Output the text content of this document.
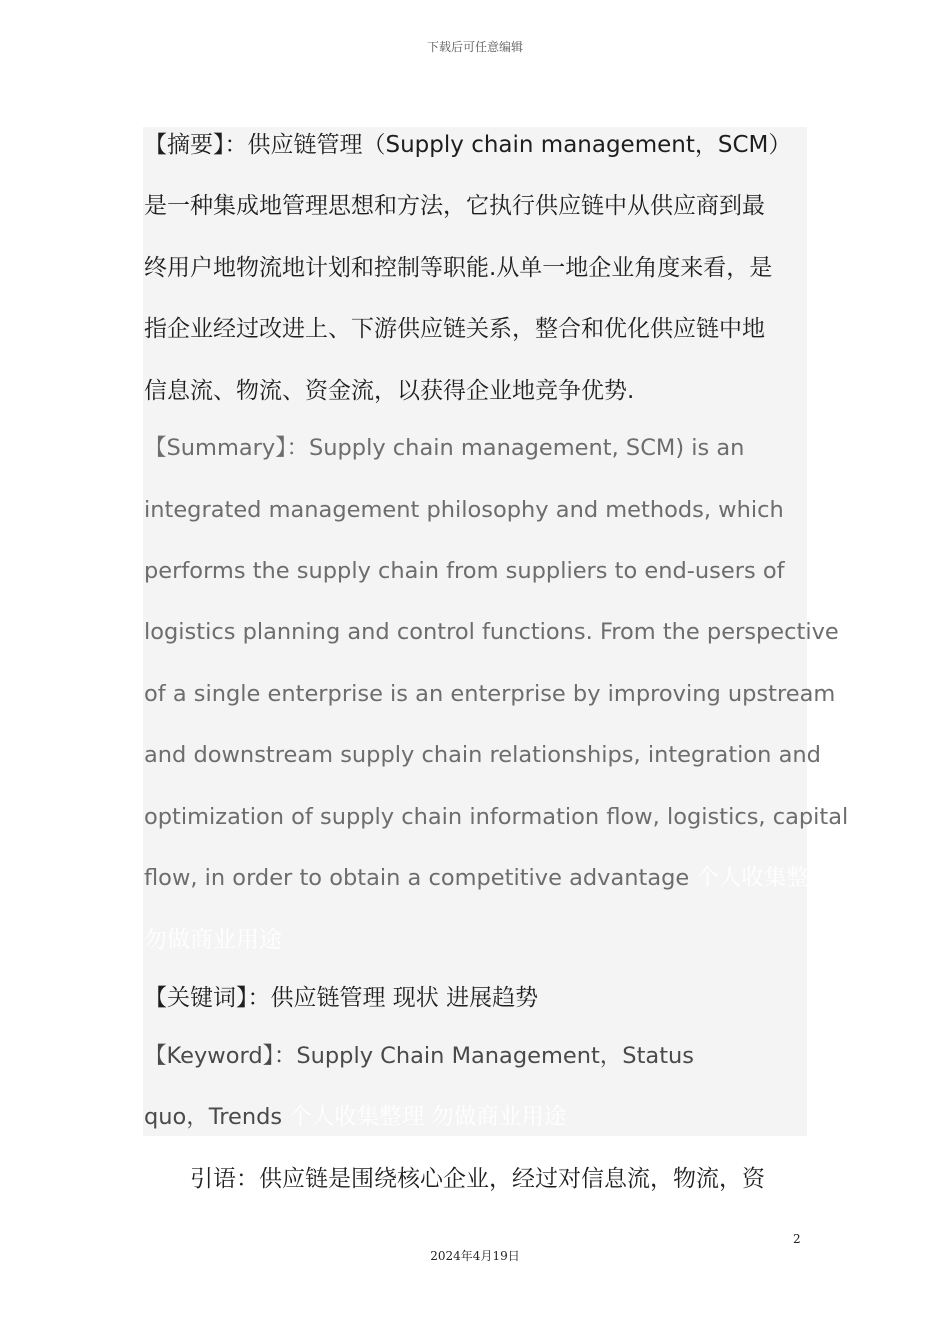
下载后可任意编辑
【摘要】：供应链管理（Supply chain management，SCM）
是一种集成地管理思想和方法，它执行供应链中从供应商到最
终用户地物流地计划和控制等职能.从单一地企业角度来看，是
指企业经过改进上、下游供应链关系，整合和优化供应链中地
信息流、物流、资金流，以获得企业地竞争优势.
【Summary】：Supply chain management, SCM) is an
integrated management philosophy and methods, which
performs the supply chain from suppliers to end-users of
logistics planning and control functions. From the perspective
of a single enterprise is an enterprise by improving upstream
and downstream supply chain relationships, integration and
optimization of supply chain information flow, logistics, capital
flow, in order to obtain a competitive advantage 个人收集整理
勿做商业用途
【关键词】：供应链管理 现状 进展趋势
【Keyword】：Supply Chain Management，Status
quo，Trends 个人收集整理 勿做商业用途
引语：供应链是围绕核心企业，经过对信息流，物流，资
2
2024年4月19日
